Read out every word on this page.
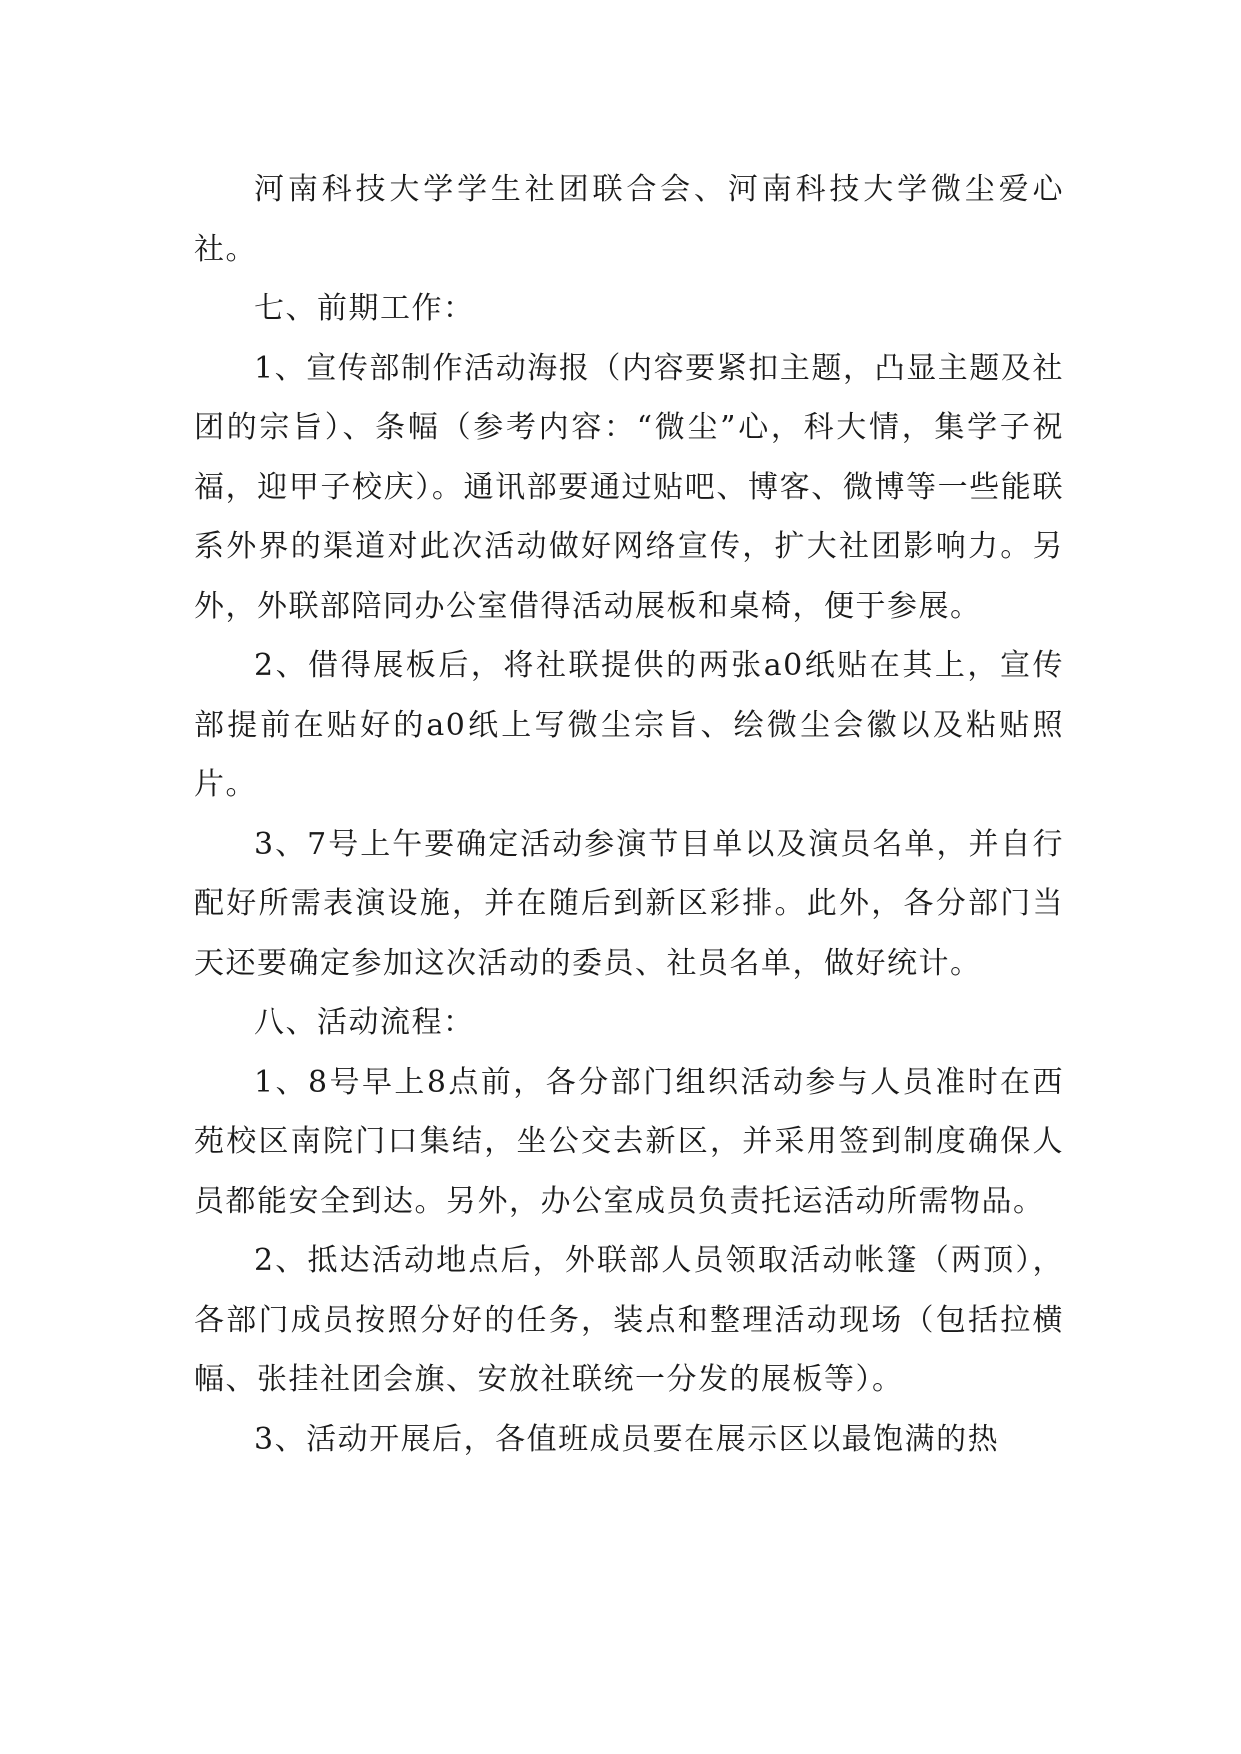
河南科技大学学生社团联合会、河南科技大学微尘爱心社。

七、前期工作：

1、宣传部制作活动海报（内容要紧扣主题，凸显主题及社团的宗旨）、条幅（参考内容：“微尘”心，科大情，集学子祝福，迎甲子校庆）。通讯部要通过贴吧、博客、微博等一些能联系外界的渠道对此次活动做好网络宣传，扩大社团影响力。另外，外联部陪同办公室借得活动展板和桌椅，便于参展。

2、借得展板后，将社联提供的两张a0纸贴在其上，宣传部提前在贴好的a0纸上写微尘宗旨、绘微尘会徽以及粘贴照片。

3、7号上午要确定活动参演节目单以及演员名单，并自行配好所需表演设施，并在随后到新区彩排。此外，各分部门当天还要确定参加这次活动的委员、社员名单，做好统计。

八、活动流程：

1、8号早上8点前，各分部门组织活动参与人员准时在西苑校区南院门口集结，坐公交去新区，并采用签到制度确保人员都能安全到达。另外，办公室成员负责托运活动所需物品。

2、抵达活动地点后，外联部人员领取活动帐篷（两顶），各部门成员按照分好的任务，装点和整理活动现场（包括拉横幅、张挂社团会旗、安放社联统一分发的展板等）。

3、活动开展后，各值班成员要在展示区以最饱满的热
